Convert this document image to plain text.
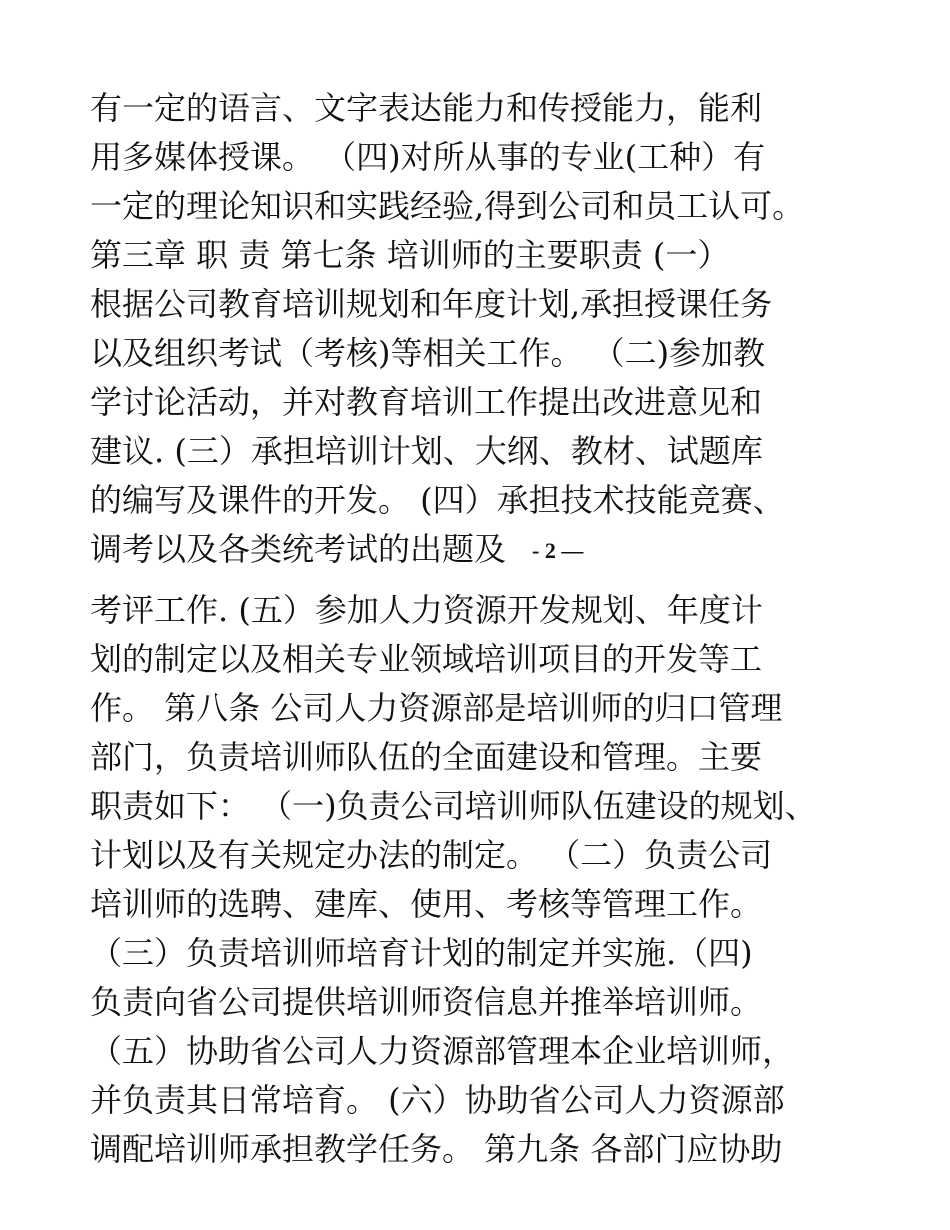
有一定的语言、文字表达能力和传授能力，能利
用多媒体授课。 （四)对所从事的专业(工种）有
一定的理论知识和实践经验,得到公司和员工认可。
第三章 职 责 第七条 培训师的主要职责 (一）
根据公司教育培训规划和年度计划,承担授课任务
以及组织考试（考核)等相关工作。 （二)参加教
学讨论活动，并对教育培训工作提出改进意见和
建议. (三）承担培训计划、大纲、教材、试题库
的编写及课件的开发。 (四）承担技术技能竞赛、
调考以及各类统考试的出题及 - 2 —
考评工作. (五）参加人力资源开发规划、年度计
划的制定以及相关专业领域培训项目的开发等工
作。 第八条 公司人力资源部是培训师的归口管理
部门，负责培训师队伍的全面建设和管理。主要
职责如下： （一)负责公司培训师队伍建设的规划、
计划以及有关规定办法的制定。 （二）负责公司
培训师的选聘、建库、使用、考核等管理工作。
（三）负责培训师培育计划的制定并实施.（四)
负责向省公司提供培训师资信息并推举培训师。
（五）协助省公司人力资源部管理本企业培训师，
并负责其日常培育。 (六）协助省公司人力资源部
调配培训师承担教学任务。 第九条 各部门应协助
